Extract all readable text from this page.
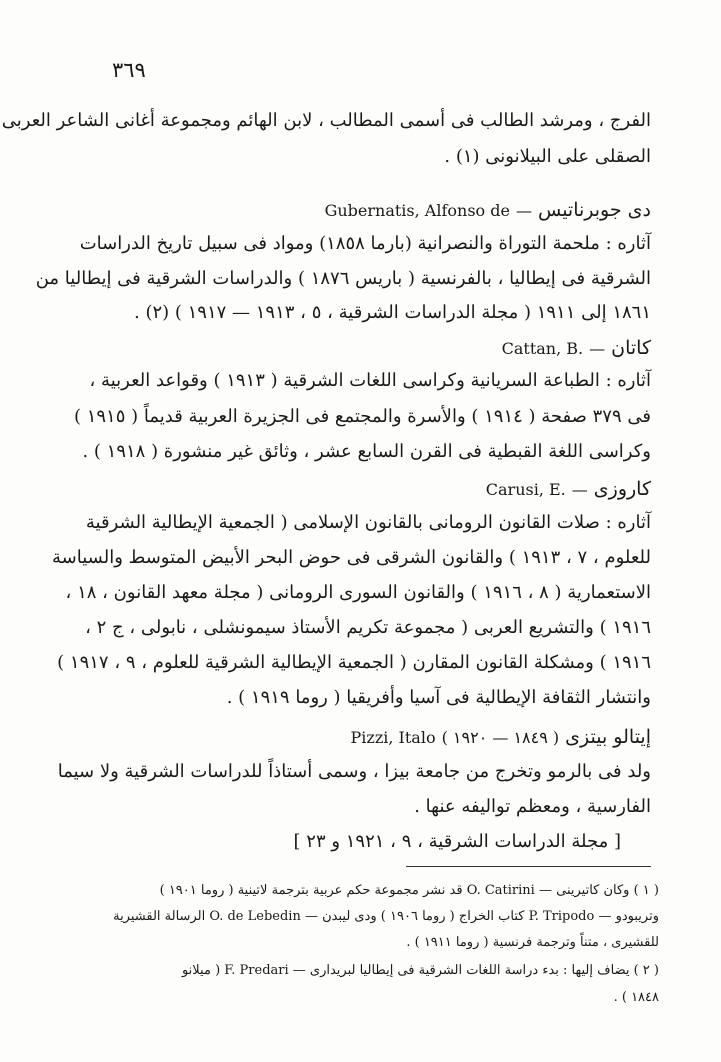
٣٦٩
الفرج ، ومرشد الطالب فى أسمى المطالب ، لابن الهائم ومجموعة أغانى الشاعر العربى
الصقلى على البيلانونى (١) .
Gubernatis, Alfonso de — دى جوبرناتيس
آثاره : ملحمة التوراة والنصرانية (بارما ١٨٥٨) ومواد فى سبيل تاريخ الدراسات
الشرقية فى إيطاليا ، بالفرنسية ( باريس ١٨٧٦ ) والدراسات الشرقية فى إيطاليا من
١٨٦١ إلى ١٩١١ ( مجلة الدراسات الشرقية ، ٥ ، ١٩١٣ — ١٩١٧ ) (٢) .
Cattan, B. — كاتان
آثاره : الطباعة السريانية وكراسى اللغات الشرقية ( ١٩١٣ ) وقواعد العربية ،
فى ٣٧٩ صفحة ( ١٩١٤ ) والأسرة والمجتمع فى الجزيرة العربية قديماً ( ١٩١٥ )
وكراسى اللغة القبطية فى القرن السابع عشر ، وثائق غير منشورة ( ١٩١٨ ) .
Carusi, E. — كاروزى
آثاره : صلات القانون الرومانى بالقانون الإسلامى ( الجمعية الإيطالية الشرقية
للعلوم ، ٧ ، ١٩١٣ ) والقانون الشرقى فى حوض البحر الأبيض المتوسط والسياسة
الاستعمارية ( ٨ ، ١٩١٦ ) والقانون السورى الرومانى ( مجلة معهد القانون ، ١٨ ،
١٩١٦ ) والتشريع العربى ( مجموعة تكريم الأستاذ سيمونشلى ، نابولى ، ج ٢ ،
١٩١٦ ) ومشكلة القانون المقارن ( الجمعية الإيطالية الشرقية للعلوم ، ٩ ، ١٩١٧ )
وانتشار الثقافة الإيطالية فى آسيا وأفريقيا ( روما ١٩١٩ ) .
Pizzi, Italo ( ١٨٤٩ — ١٩٢٠ ) إيتالو بيتزى
ولد فى بالرمو وتخرج من جامعة بيزا ، وسمى أستاذاً للدراسات الشرقية ولا سيما
الفارسية ، ومعظم تواليفه عنها .
[ مجلة الدراسات الشرقية ، ٩ ، ١٩٢١ و ٢٣ ]
( ١ ) وكان كاتيرينى — O. Catirini قد نشر مجموعة حكم عربية بترجمة لاتينية ( روما ١٩٠١ )
وتريبودو — P. Tripodo كتاب الخراج ( روما ١٩٠٦ ) ودى ليبدن — O. de Lebedin الرسالة القشيرية
للقشيرى ، متناً وترجمة فرنسية ( روما ١٩١١ ) .
( ٢ ) يضاف إليها : بدء دراسة اللغات الشرقية فى إيطاليا لبريدارى — F. Predari ( ميلانو
١٨٤٨ ) .
